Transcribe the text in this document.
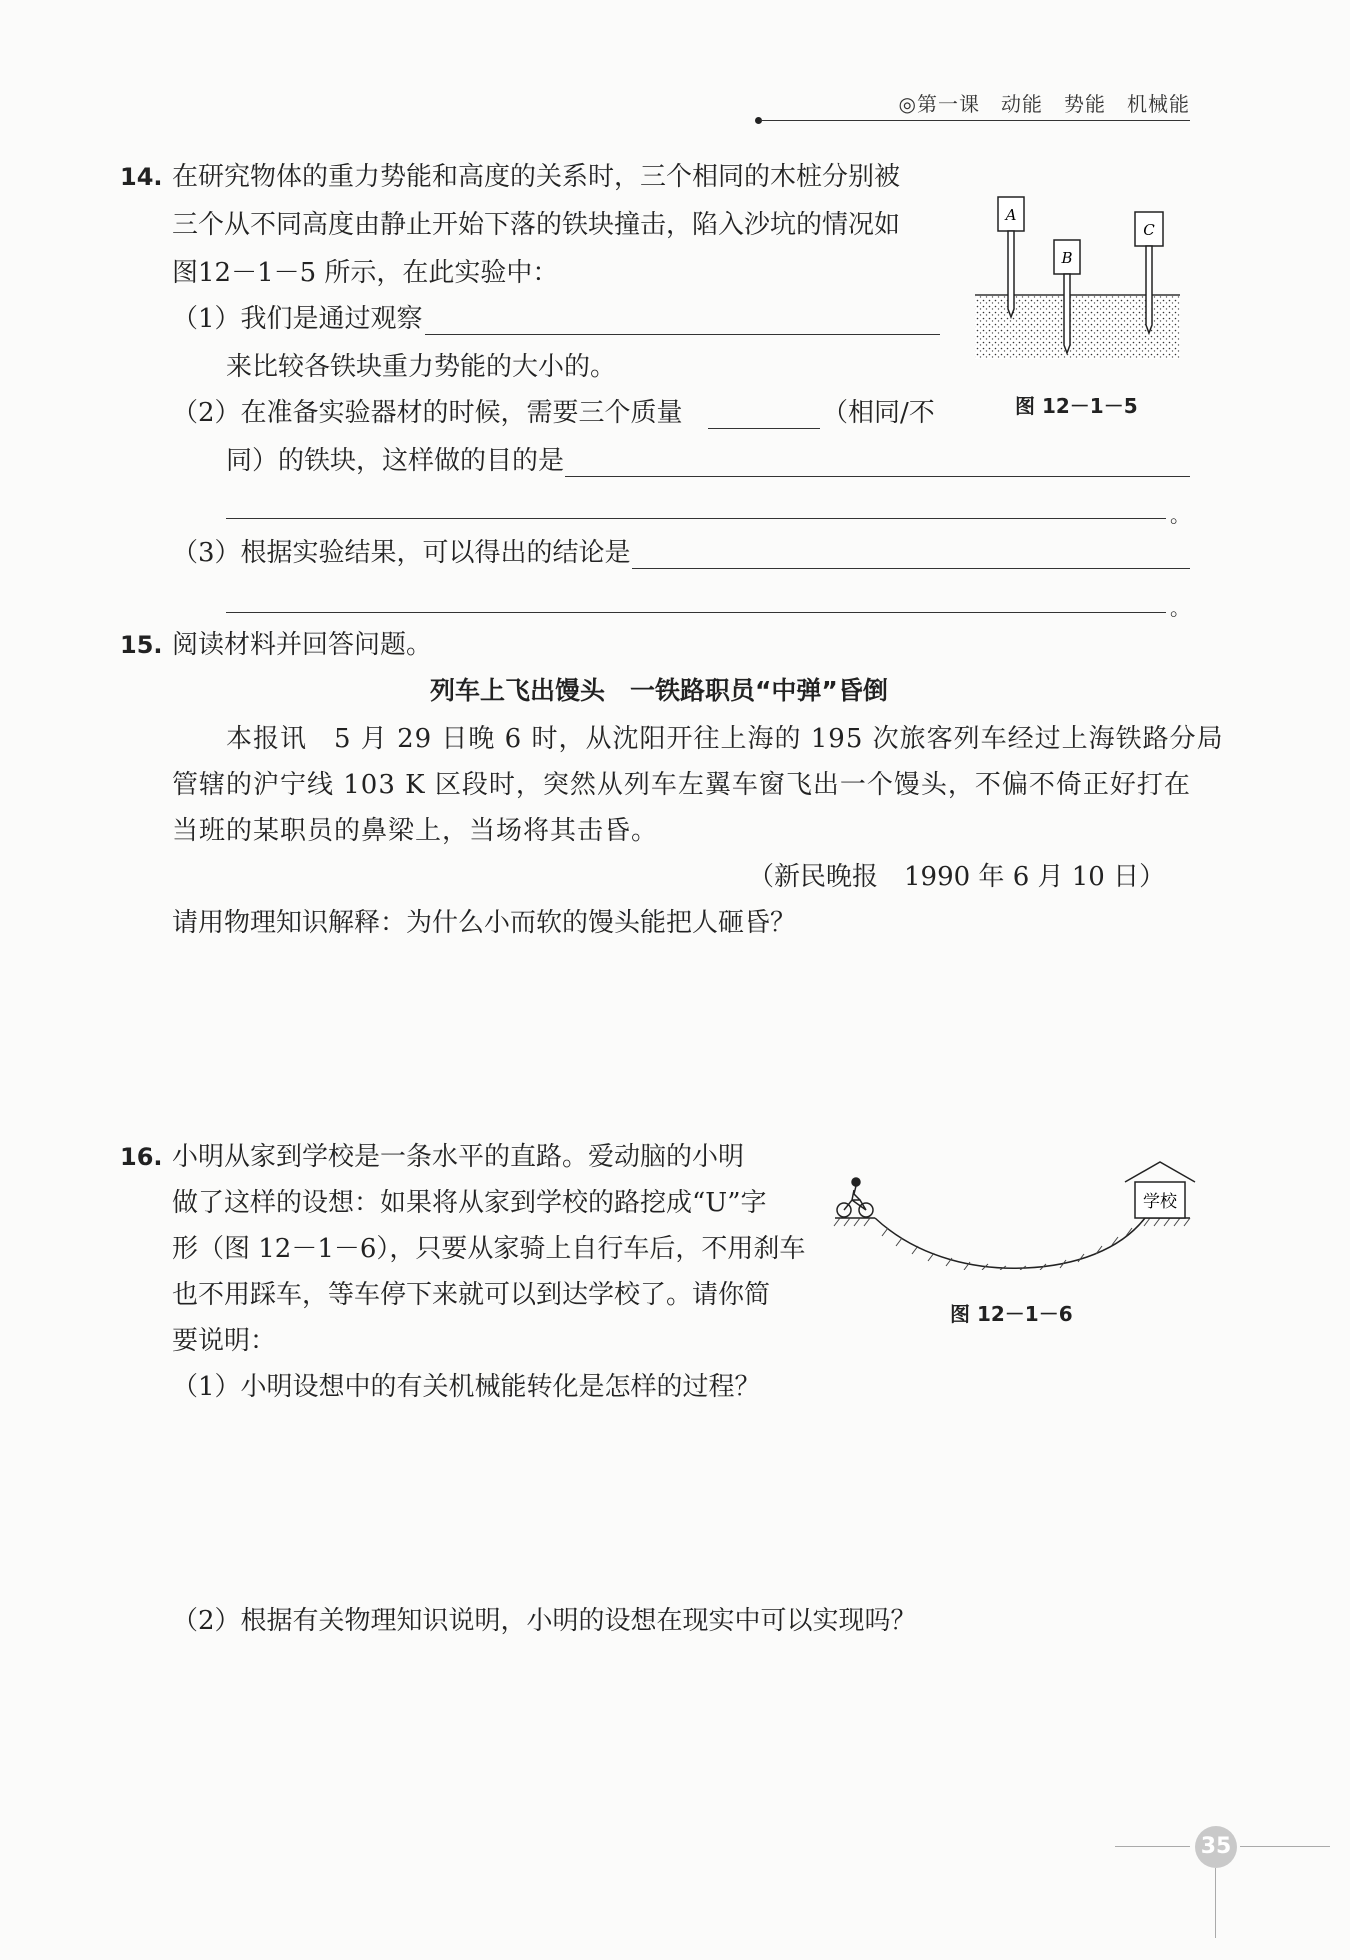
◎第一课　动能　势能　机械能
14. 在研究物体的重力势能和高度的关系时，三个相同的木桩分别被
三个从不同高度由静止开始下落的铁块撞击，陷入沙坑的情况如
图12－1－5 所示，在此实验中：
（1）我们是通过观察
来比较各铁块重力势能的大小的。
（2）在准备实验器材的时候，需要三个质量	（相同/不
同）的铁块，这样做的目的是
。
（3）根据实验结果，可以得出的结论是
。
A
B
C
图 12－1－5
15. 阅读材料并回答问题。
列车上飞出馒头　一铁路职员“中弹”昏倒
本报讯　5 月 29 日晚 6 时，从沈阳开往上海的 195 次旅客列车经过上海铁路分局
管辖的沪宁线 103 K 区段时，突然从列车左翼车窗飞出一个馒头，不偏不倚正好打在
当班的某职员的鼻梁上，当场将其击昏。
（新民晚报　1990 年 6 月 10 日）
请用物理知识解释：为什么小而软的馒头能把人砸昏？
16. 小明从家到学校是一条水平的直路。爱动脑的小明
做了这样的设想：如果将从家到学校的路挖成“U”字
形（图 12－1－6），只要从家骑上自行车后，不用刹车
也不用踩车，等车停下来就可以到达学校了。请你简
要说明：
（1）小明设想中的有关机械能转化是怎样的过程？
（2）根据有关物理知识说明，小明的设想在现实中可以实现吗？
学校
图 12－1－6
35
